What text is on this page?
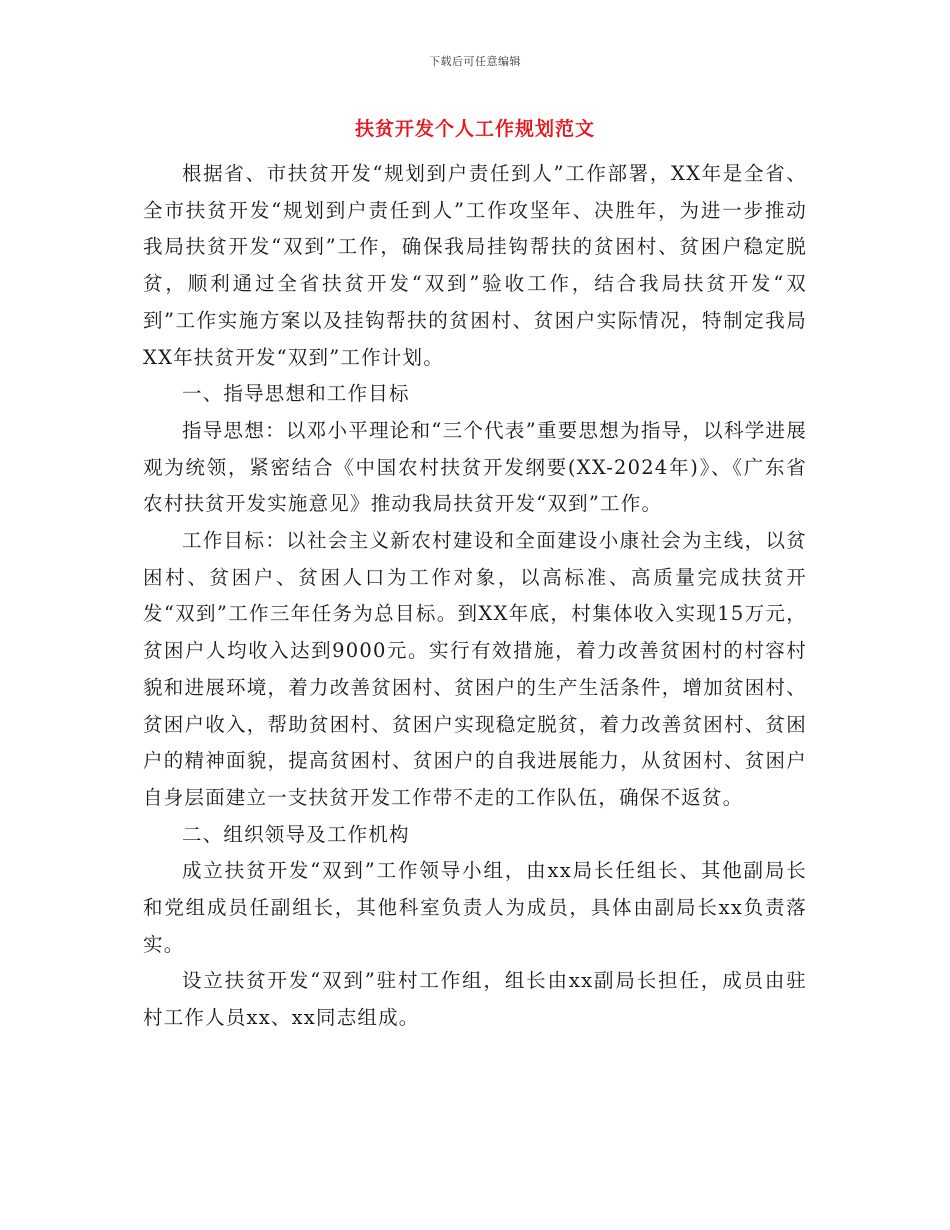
下载后可任意编辑
扶贫开发个人工作规划范文

根据省、市扶贫开发“规划到户责任到人”工作部署，XX年是全省、全市扶贫开发“规划到户责任到人”工作攻坚年、决胜年，为进一步推动我局扶贫开发“双到”工作，确保我局挂钩帮扶的贫困村、贫困户稳定脱贫，顺利通过全省扶贫开发“双到”验收工作，结合我局扶贫开发“双到”工作实施方案以及挂钩帮扶的贫困村、贫困户实际情况，特制定我局XX年扶贫开发“双到”工作计划。

一、指导思想和工作目标

指导思想：以邓小平理论和“三个代表”重要思想为指导，以科学进展观为统领，紧密结合《中国农村扶贫开发纲要(XX-2024年)》、《广东省农村扶贫开发实施意见》推动我局扶贫开发“双到”工作。

工作目标：以社会主义新农村建设和全面建设小康社会为主线，以贫困村、贫困户、贫困人口为工作对象，以高标准、高质量完成扶贫开发“双到”工作三年任务为总目标。到XX年底，村集体收入实现15万元，贫困户人均收入达到9000元。实行有效措施，着力改善贫困村的村容村貌和进展环境，着力改善贫困村、贫困户的生产生活条件，增加贫困村、贫困户收入，帮助贫困村、贫困户实现稳定脱贫，着力改善贫困村、贫困户的精神面貌，提高贫困村、贫困户的自我进展能力，从贫困村、贫困户自身层面建立一支扶贫开发工作带不走的工作队伍，确保不返贫。

二、组织领导及工作机构

成立扶贫开发“双到”工作领导小组，由xx局长任组长、其他副局长和党组成员任副组长，其他科室负责人为成员，具体由副局长xx负责落实。

设立扶贫开发“双到”驻村工作组，组长由xx副局长担任，成员由驻村工作人员xx、xx同志组成。
